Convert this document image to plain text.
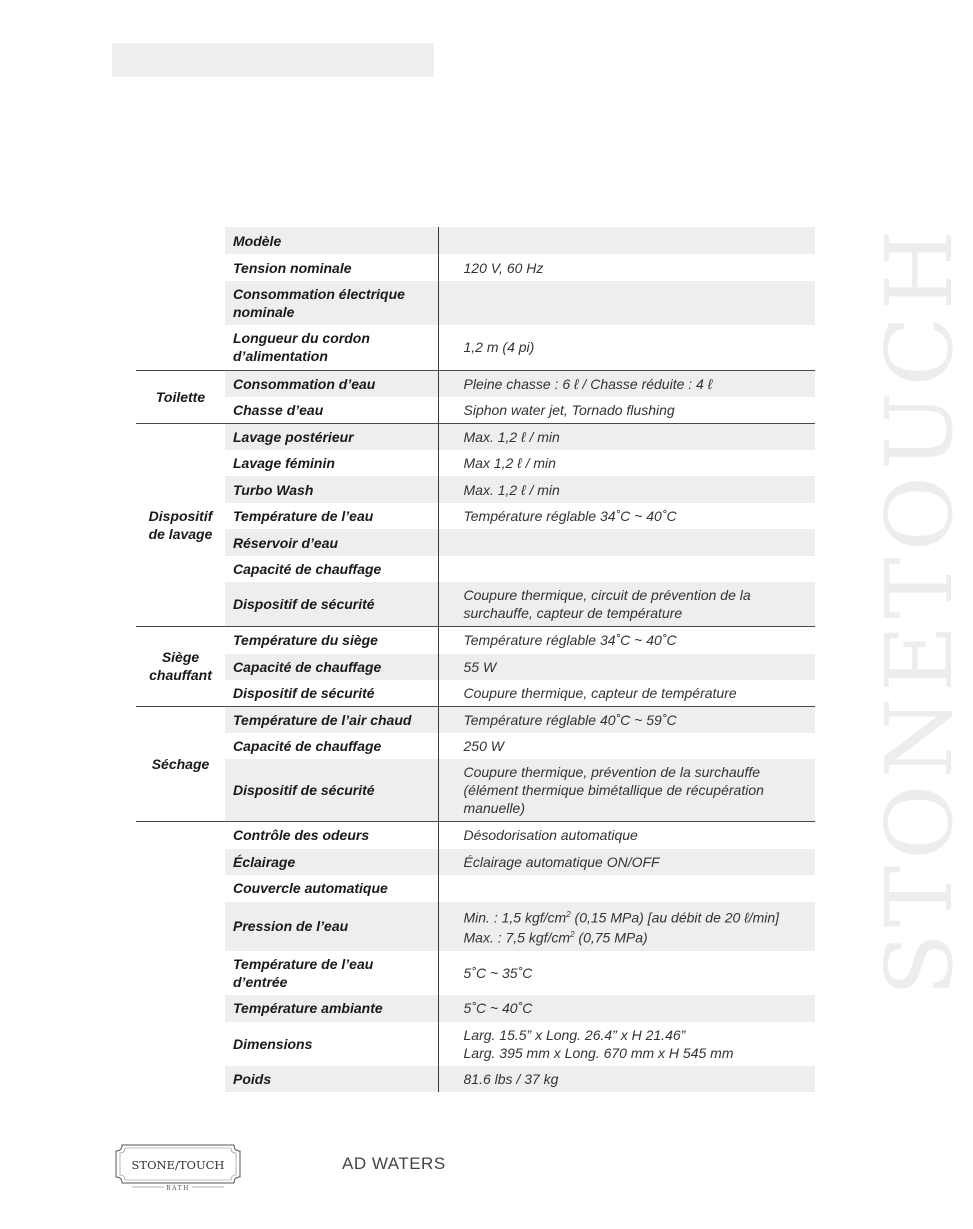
STONETOUCH
	Modèle	
	Tension nominale	120 V, 60 Hz
	Consommation électrique nominale	
	Longueur du cordon d’alimentation	1,2 m (4 pi)
Toilette	Consommation d’eau	Pleine chasse : 6 ℓ / Chasse réduite : 4 ℓ
	Chasse d’eau	Siphon water jet, Tornado flushing
Dispositif de lavage	Lavage postérieur	Max. 1,2 ℓ / min
	Lavage féminin	Max 1,2 ℓ / min
	Turbo Wash	Max. 1,2 ℓ / min
	Température de l’eau	Température réglable 34˚C ~ 40˚C
	Réservoir d’eau	
	Capacité de chauffage	
	Dispositif de sécurité	Coupure thermique, circuit de prévention de la surchauffe, capteur de température
Siège chauffant	Température du siège	Température réglable 34˚C ~ 40˚C
	Capacité de chauffage	55 W
	Dispositif de sécurité	Coupure thermique, capteur de température
Séchage	Température de l’air chaud	Température réglable 40˚C ~ 59˚C
	Capacité de chauffage	250 W
	Dispositif de sécurité	Coupure thermique, prévention de la surchauffe (élément thermique bimétallique de récupération manuelle)
	Contrôle des odeurs	Désodorisation automatique
	Éclairage	Éclairage automatique ON/OFF
	Couvercle automatique	
	Pression de l’eau	Min. : 1,5 kgf/$cm^2$ (0,15 MPa) [au débit de 20 ℓ/min]
Max. : 7,5 kgf/$cm^2$ (0,75 MPa)
	Température de l’eau d’entrée	5˚C ~ 35˚C
	Température ambiante	5˚C ~ 40˚C
	Dimensions	Larg. 15.5” x Long. 26.4” x H 21.46”
Larg. 395 mm x Long. 670 mm x H 545 mm
	Poids	81.6 lbs / 37 kg
STONE/TOUCH
BATH
AD WATERS
